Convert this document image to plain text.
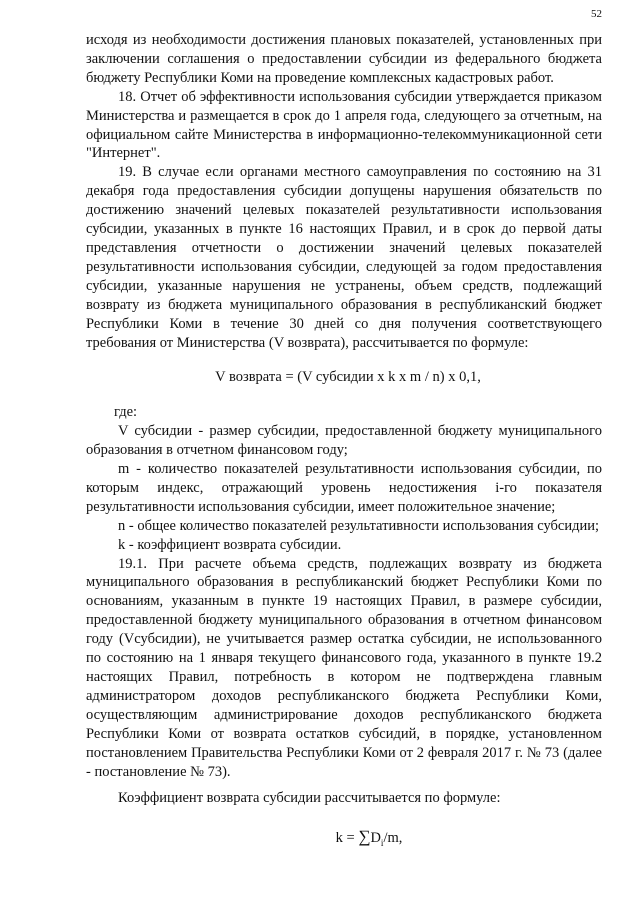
52

исходя из необходимости достижения плановых показателей, установленных при заключении соглашения о предоставлении субсидии из федерального бюджета бюджету Республики Коми на проведение комплексных кадастровых работ.

18. Отчет об эффективности использования субсидии утверждается приказом Министерства и размещается в срок до 1 апреля года, следующего за отчетным, на официальном сайте Министерства в информационно-телекоммуникационной сети "Интернет".

19. В случае если органами местного самоуправления по состоянию на 31 декабря года предоставления субсидии допущены нарушения обязательств по достижению значений целевых показателей результативности использования субсидии, указанных в пункте 16 настоящих Правил, и в срок до первой даты представления отчетности о достижении значений целевых показателей результативности использования субсидии, следующей за годом предоставления субсидии, указанные нарушения не устранены, объем средств, подлежащий возврату из бюджета муниципального образования в республиканский бюджет Республики Коми в течение 30 дней со дня получения соответствующего требования от Министерства (V возврата), рассчитывается по формуле:

V возврата = (V субсидии x k x m / n) x 0,1,

где:

V субсидии - размер субсидии, предоставленной бюджету муниципального образования в отчетном финансовом году;

m - количество показателей результативности использования субсидии, по которым индекс, отражающий уровень недостижения i-го показателя результативности использования субсидии, имеет положительное значение;

n - общее количество показателей результативности использования субсидии;

k - коэффициент возврата субсидии.

19.1. При расчете объема средств, подлежащих возврату из бюджета муниципального образования в республиканский бюджет Республики Коми по основаниям, указанным в пункте 19 настоящих Правил, в размере субсидии, предоставленной бюджету муниципального образования в отчетном финансовом году (Vсубсидии), не учитывается размер остатка субсидии, не использованного по состоянию на 1 января текущего финансового года, указанного в пункте 19.2 настоящих Правил, потребность в котором не подтверждена главным администратором доходов республиканского бюджета Республики Коми, осуществляющим администрирование доходов республиканского бюджета Республики Коми от возврата остатков субсидий, в порядке, установленном постановлением Правительства Республики Коми от 2 февраля 2017 г. № 73 (далее - постановление № 73).

Коэффициент возврата субсидии рассчитывается по формуле:

$k = \sum D_i/m$,
